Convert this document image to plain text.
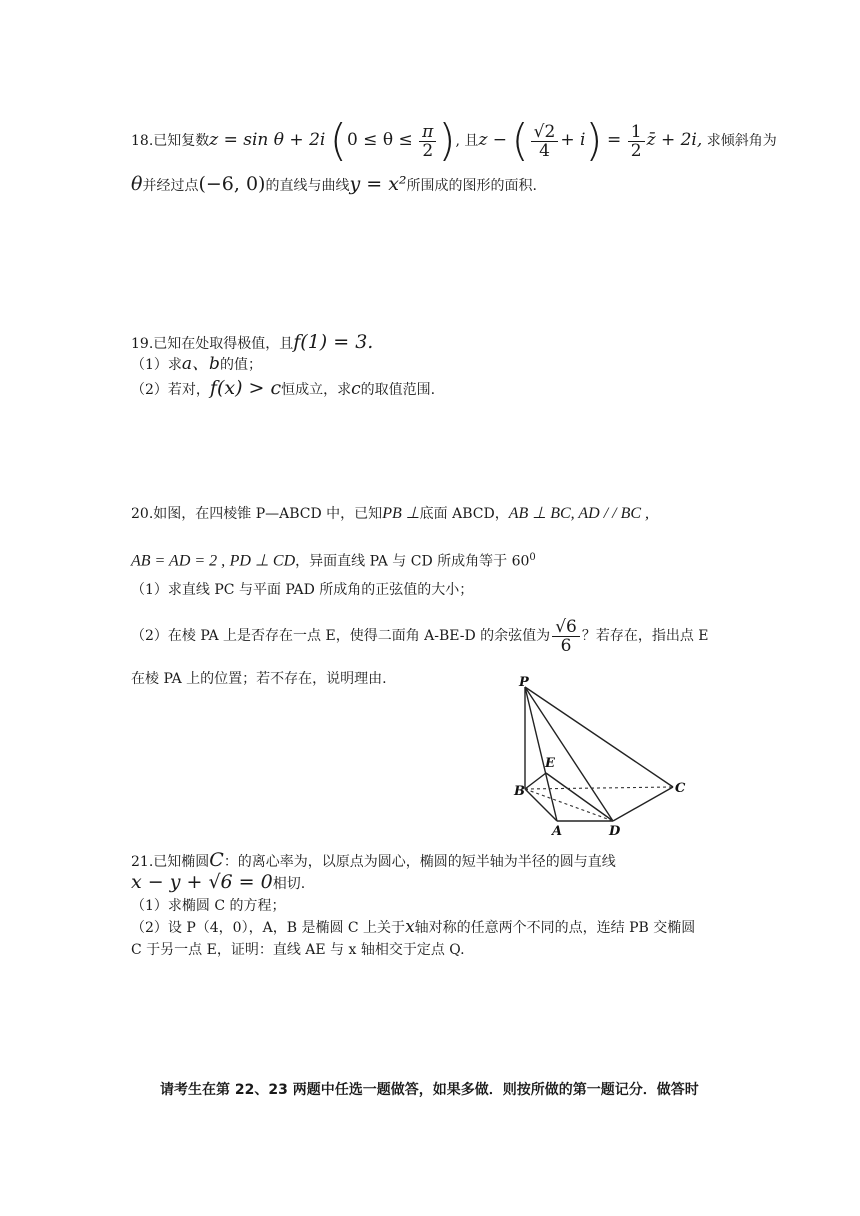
18.已知复数z = sin θ + 2i ($0 \le \theta \le \frac{\pi}{2}$ ), 且z − ( $\frac{√2}{4} + i) = \frac{1}{2}$ z̄ + 2i, 求倾斜角为
θ并经过点(−6, 0)的直线与曲线y = x²所围成的图形的面积.
19.已知在处取得极值，且f(1) = 3.
（1）求a、b的值；
（2）若对，f(x) > c恒成立，求c的取值范围.
20.如图，在四棱锥 P—ABCD 中，已知PB ⊥底面 ABCD，AB ⊥ BC, AD / / BC ,
AB = AD = 2 , PD ⊥ CD，异面直线 PA 与 CD 所成角等于 $60^0$
（1）求直线 PC 与平面 PAD 所成角的正弦值的大小；
（2）在棱 PA 上是否存在一点 E，使得二面角 A-BE-D 的余弦值为 $\frac{√6}{6}$ ？若存在，指出点 E
在棱 PA 上的位置；若不存在，说明理由.	P
E
B	C
A	D
21.已知椭圆C：的离心率为，以原点为圆心，椭圆的短半轴为半径的圆与直线
x − y + √6 = 0相切.
（1）求椭圆 C 的方程；
（2）设 P（4，0），A，B 是椭圆 C 上关于x轴对称的任意两个不同的点，连结 PB 交椭圆
C 于另一点 E，证明：直线 AE 与 x 轴相交于定点 Q.
请考生在第 22、23 两题中任选一题做答，如果多做．则按所做的第一题记分．做答时
